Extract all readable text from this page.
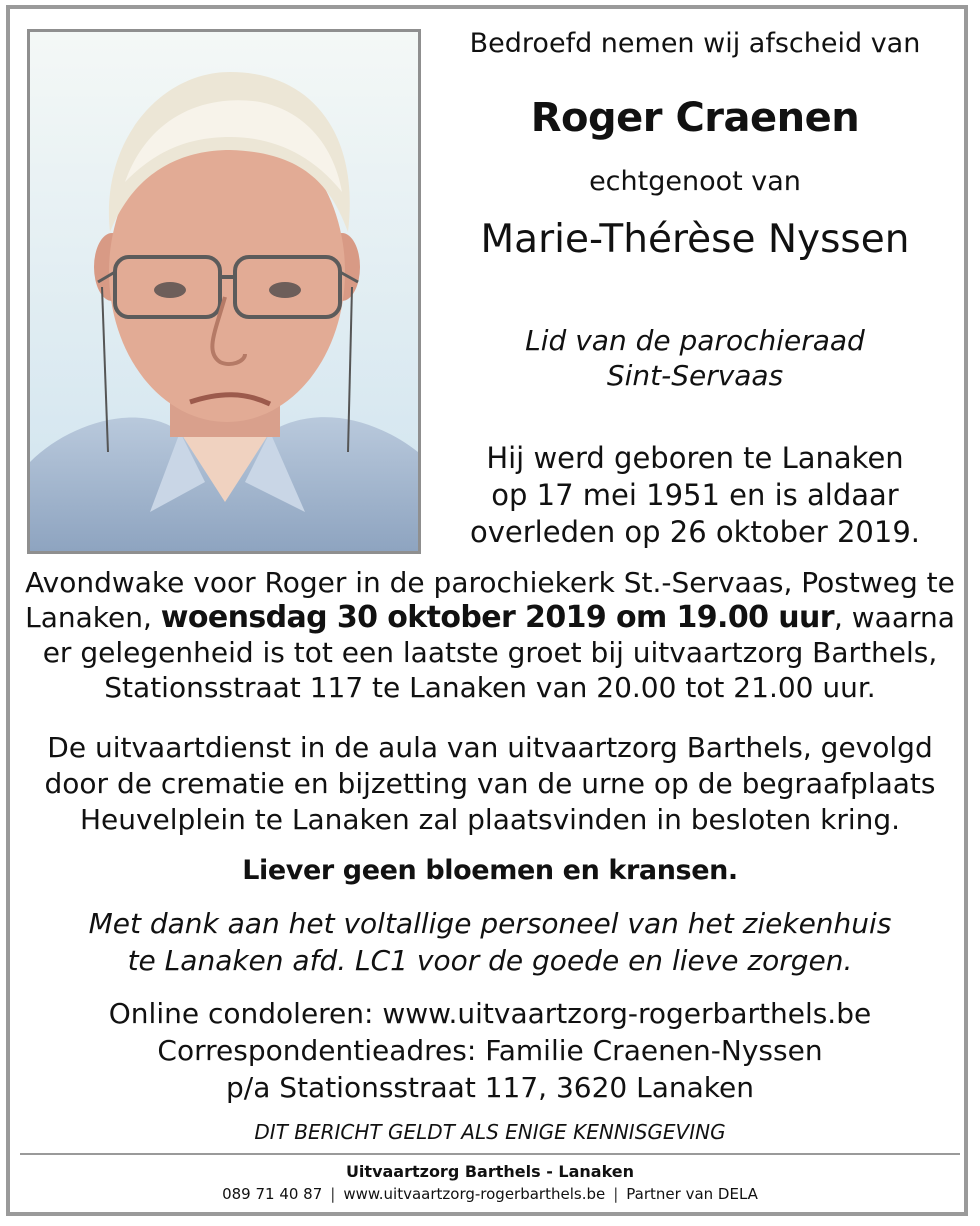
Bedroefd nemen wij afscheid van
Roger Craenen
echtgenoot van
Marie-Thérèse Nyssen
Lid van de parochieraad
Sint-Servaas
Hij werd geboren te Lanaken
op 17 mei 1951 en is aldaar
overleden op 26 oktober 2019.
Avondwake voor Roger in de parochiekerk St.-Servaas, Postweg te Lanaken, woensdag 30 oktober 2019 om 19.00 uur, waarna er gelegenheid is tot een laatste groet bij uitvaartzorg Barthels, Stationsstraat 117 te Lanaken van 20.00 tot 21.00 uur.
De uitvaartdienst in de aula van uitvaartzorg Barthels, gevolgd
door de crematie en bijzetting van de urne op de begraafplaats
Heuvelplein te Lanaken zal plaatsvinden in besloten kring.
Liever geen bloemen en kransen.
Met dank aan het voltallige personeel van het ziekenhuis
te Lanaken afd. LC1 voor de goede en lieve zorgen.
Online condoleren: www.uitvaartzorg-rogerbarthels.be
Correspondentieadres: Familie Craenen-Nyssen
p/a Stationsstraat 117, 3620 Lanaken
DIT BERICHT GELDT ALS ENIGE KENNISGEVING
Uitvaartzorg Barthels - Lanaken
089 71 40 87 | www.uitvaartzorg-rogerbarthels.be | Partner van DELA
